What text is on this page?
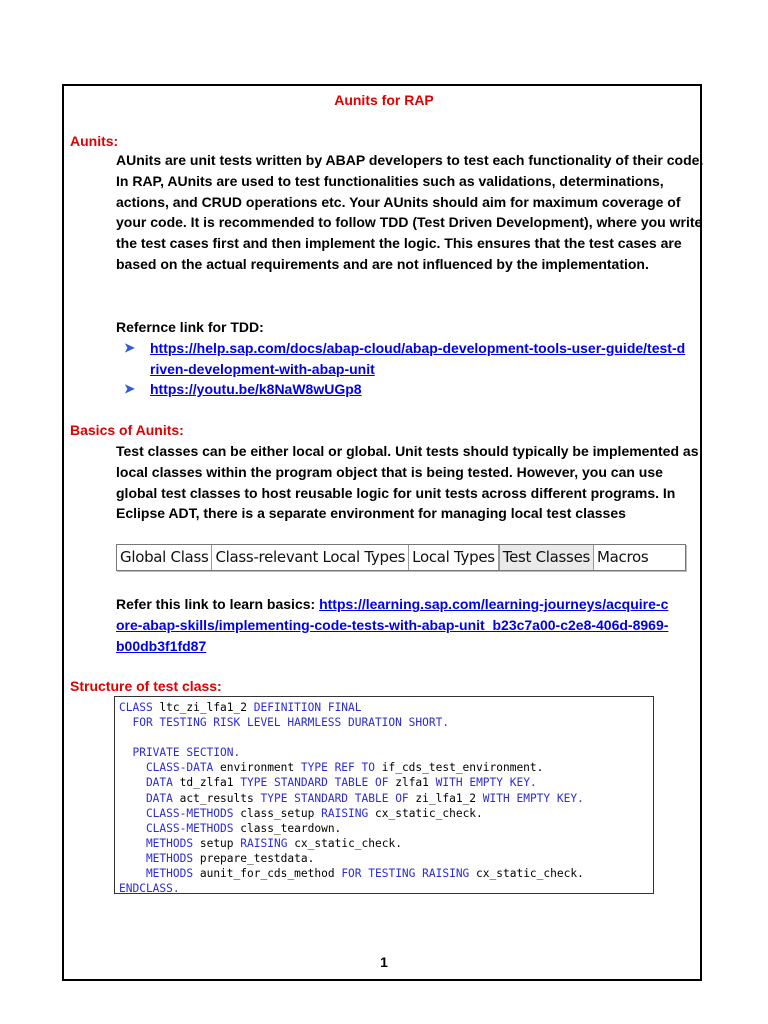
Aunits for RAP
Aunits:
AUnits are unit tests written by ABAP developers to test each functionality of their code. In RAP, AUnits are used to test functionalities such as validations, determinations, actions, and CRUD operations etc. Your AUnits should aim for maximum coverage of your code. It is recommended to follow TDD (Test Driven Development), where you write the test cases first and then implement the logic. This ensures that the test cases are based on the actual requirements and are not influenced by the implementation.
Refernce link for TDD:
➤ https://help.sap.com/docs/abap-cloud/abap-development-tools-user-guide/test-driven-development-with-abap-unit
➤ https://youtu.be/k8NaW8wUGp8
Basics of Aunits:
Test classes can be either local or global. Unit tests should typically be implemented as local classes within the program object that is being tested. However, you can use global test classes to host reusable logic for unit tests across different programs. In Eclipse ADT, there is a separate environment for managing local test classes
Global Class Class-relevant Local Types Local Types Test Classes Macros
Refer this link to learn basics: https://learning.sap.com/learning-journeys/acquire-core-abap-skills/implementing-code-tests-with-abap-unit_b23c7a00-c2e8-406d-8969-b00db3f1fd87
Structure of test class:
CLASS ltc_zi_lfa1_2 DEFINITION FINAL
FOR TESTING RISK LEVEL HARMLESS DURATION SHORT.

PRIVATE SECTION.
CLASS-DATA environment TYPE REF TO if_cds_test_environment.
DATA td_zlfa1 TYPE STANDARD TABLE OF zlfa1 WITH EMPTY KEY.
DATA act_results TYPE STANDARD TABLE OF zi_lfa1_2 WITH EMPTY KEY.
CLASS-METHODS class_setup RAISING cx_static_check.
CLASS-METHODS class_teardown.
METHODS setup RAISING cx_static_check.
METHODS prepare_testdata.
METHODS aunit_for_cds_method FOR TESTING RAISING cx_static_check.
ENDCLASS.
1
